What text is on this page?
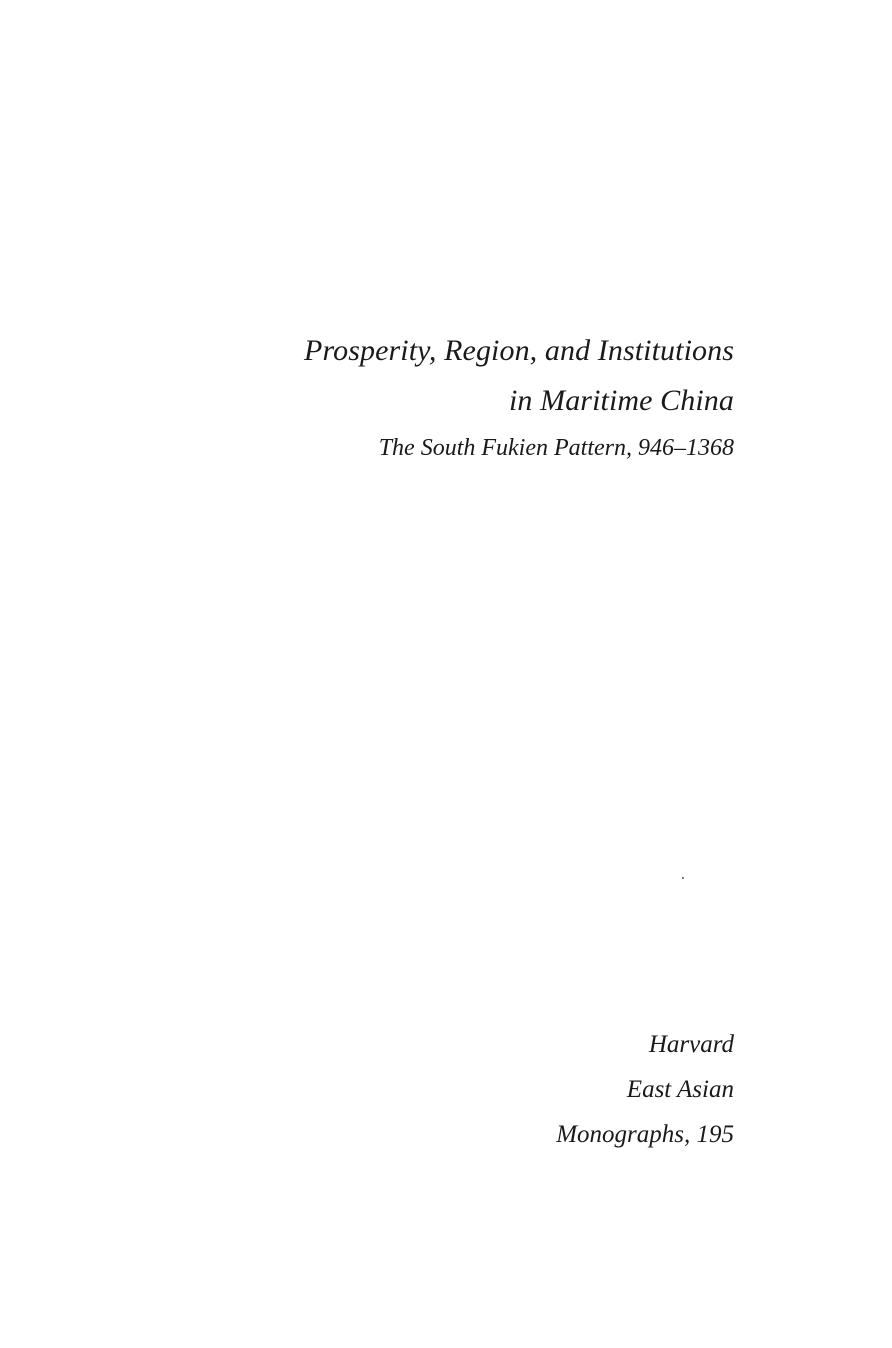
Prosperity, Region, and Institutions
in Maritime China
The South Fukien Pattern, 946–1368
Harvard
East Asian
Monographs, 195
